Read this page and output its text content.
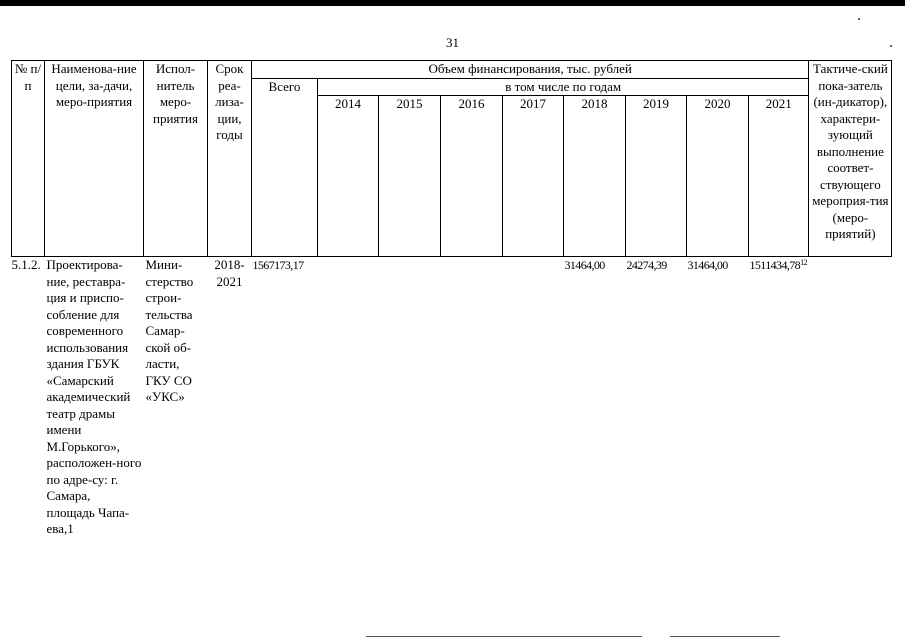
31
№ п/п	Наименова-ние цели, за-дачи, меро-приятия	Испол-нитель меро-приятия	Срок реа-лиза-ции, годы	Объем финансирования, тыс. рублей									Тактиче-ский пока-затель (ин-дикатор), характери-зующий выполнение соответ-ствующего мероприя-тия (меро-приятий)
				Всего	в том числе по годам								
					2014	2015	2016	2017	2018	2019	2020	2021	
5.1.2.	Проектирова-ние, реставра-ция и приспо-собление для современного использования здания ГБУК «Самарский академический театр драмы имени М.Горького», расположен-ного по адре-су: г. Самара, площадь Чапа-ева,1	Мини-стерство строи-тельства Самар-ской об-ласти, ГКУ СО «УКС»	2018-2021	1567173,17					31464,00	24274,39	31464,00	1511434,78$^{12}$	
